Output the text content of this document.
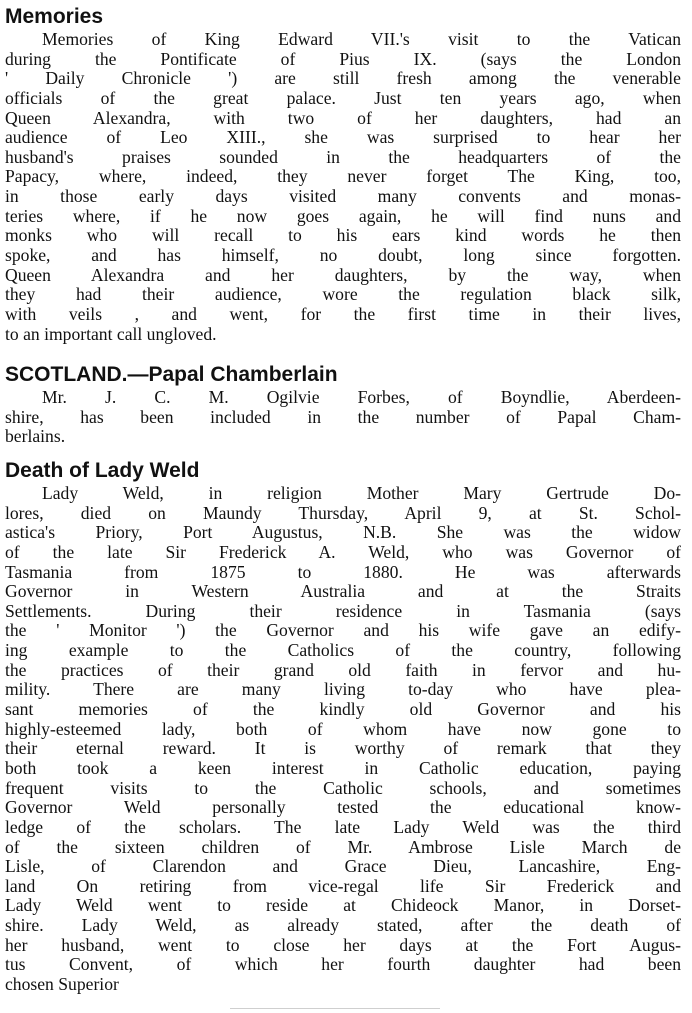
Memories
Memories of King Edward VII.'s visit to the Vatican
during the Pontificate of Pius IX. (says the London
' Daily Chronicle ') are still fresh among the venerable
officials of the great palace. Just ten years ago, when
Queen Alexandra, with two of her daughters, had an
audience of Leo XIII., she was surprised to hear her
husband's praises sounded in the headquarters of the
Papacy, where, indeed, they never forget The King, too,
in those early days visited many convents and monas-
teries where, if he now goes again, he will find nuns and
monks who will recall to his ears kind words he then
spoke, and has himself, no doubt, long since forgotten.
Queen Alexandra and her daughters, by the way, when
they had their audience, wore the regulation black silk,
with veils , and went, for the first time in their lives,
to an important call ungloved.
SCOTLAND.—Papal Chamberlain
Mr. J. C. M. Ogilvie Forbes, of Boyndlie, Aberdeen-
shire, has been included in the number of Papal Cham-
berlains.
Death of Lady Weld
Lady Weld, in religion Mother Mary Gertrude Do-
lores, died on Maundy Thursday, April 9, at St. Schol-
astica's Priory, Port Augustus, N.B. She was the widow
of the late Sir Frederick A. Weld, who was Governor of
Tasmania from 1875 to 1880. He was afterwards
Governor in Western Australia and at the Straits
Settlements. During their residence in Tasmania (says
the ' Monitor ') the Governor and his wife gave an edify-
ing example to the Catholics of the country, following
the practices of their grand old faith in fervor and hu-
mility. There are many living to-day who have plea-
sant memories of the kindly old Governor and his
highly-esteemed lady, both of whom have now gone to
their eternal reward. It is worthy of remark that they
both took a keen interest in Catholic education, paying
frequent visits to the Catholic schools, and sometimes
Governor Weld personally tested the educational know-
ledge of the scholars. The late Lady Weld was the third
of the sixteen children of Mr. Ambrose Lisle March de
Lisle, of Clarendon and Grace Dieu, Lancashire, Eng-
land On retiring from vice-regal life Sir Frederick and
Lady Weld went to reside at Chideock Manor, in Dorset-
shire. Lady Weld, as already stated, after the death of
her husband, went to close her days at the Fort Augus-
tus Convent, of which her fourth daughter had been
chosen Superior
